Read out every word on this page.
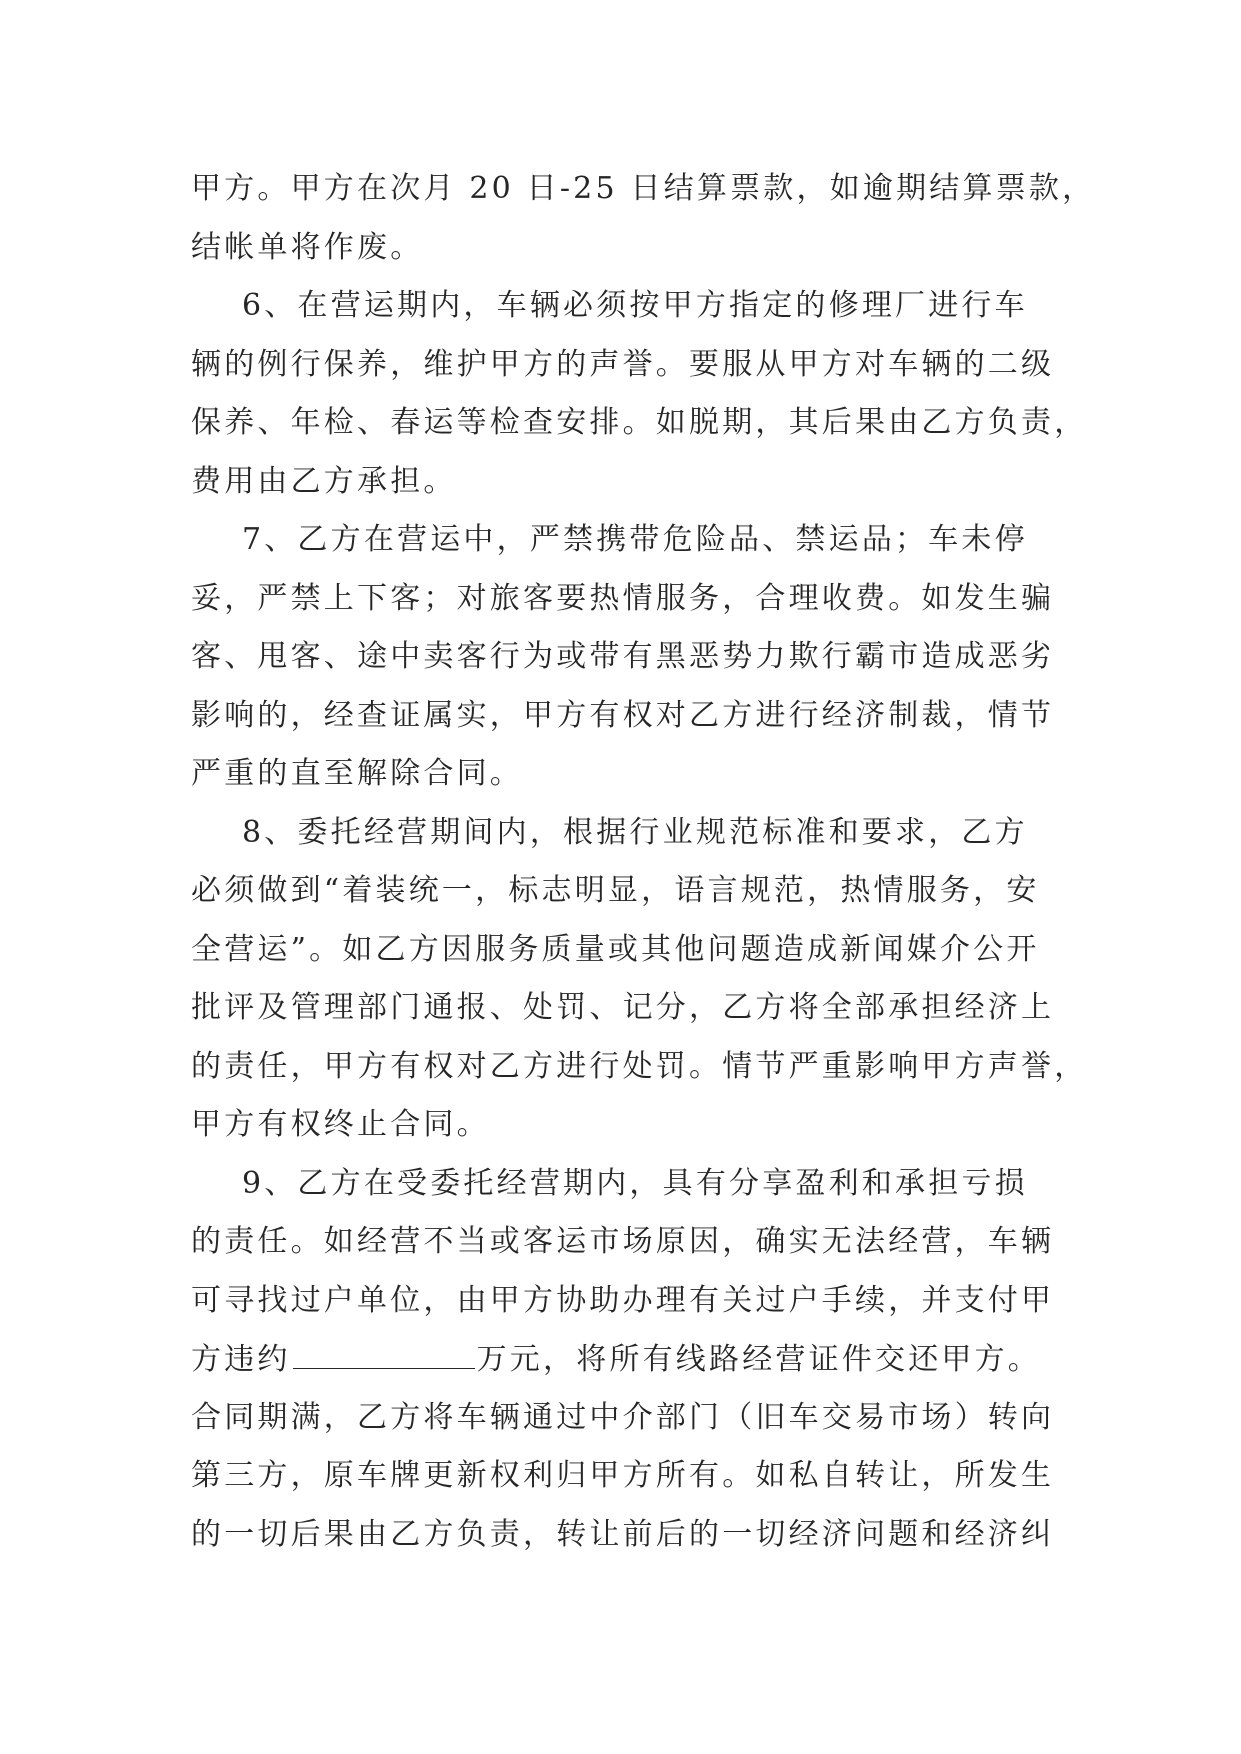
甲方。甲方在次月 20 日-25 日结算票款，如逾期结算票款，
结帐单将作废。
6、在营运期内，车辆必须按甲方指定的修理厂进行车
辆的例行保养，维护甲方的声誉。要服从甲方对车辆的二级
保养、年检、春运等检查安排。如脱期，其后果由乙方负责，
费用由乙方承担。
7、乙方在营运中，严禁携带危险品、禁运品；车未停
妥，严禁上下客；对旅客要热情服务，合理收费。如发生骗
客、甩客、途中卖客行为或带有黑恶势力欺行霸市造成恶劣
影响的，经查证属实，甲方有权对乙方进行经济制裁，情节
严重的直至解除合同。
8、委托经营期间内，根据行业规范标准和要求，乙方
必须做到“着装统一，标志明显，语言规范，热情服务，安
全营运”。如乙方因服务质量或其他问题造成新闻媒介公开
批评及管理部门通报、处罚、记分，乙方将全部承担经济上
的责任，甲方有权对乙方进行处罚。情节严重影响甲方声誉，
甲方有权终止合同。
9、乙方在受委托经营期内，具有分享盈利和承担亏损
的责任。如经营不当或客运市场原因，确实无法经营，车辆
可寻找过户单位，由甲方协助办理有关过户手续，并支付甲
方违约	万元，将所有线路经营证件交还甲方。
合同期满，乙方将车辆通过中介部门（旧车交易市场）转向
第三方，原车牌更新权利归甲方所有。如私自转让，所发生
的一切后果由乙方负责，转让前后的一切经济问题和经济纠
